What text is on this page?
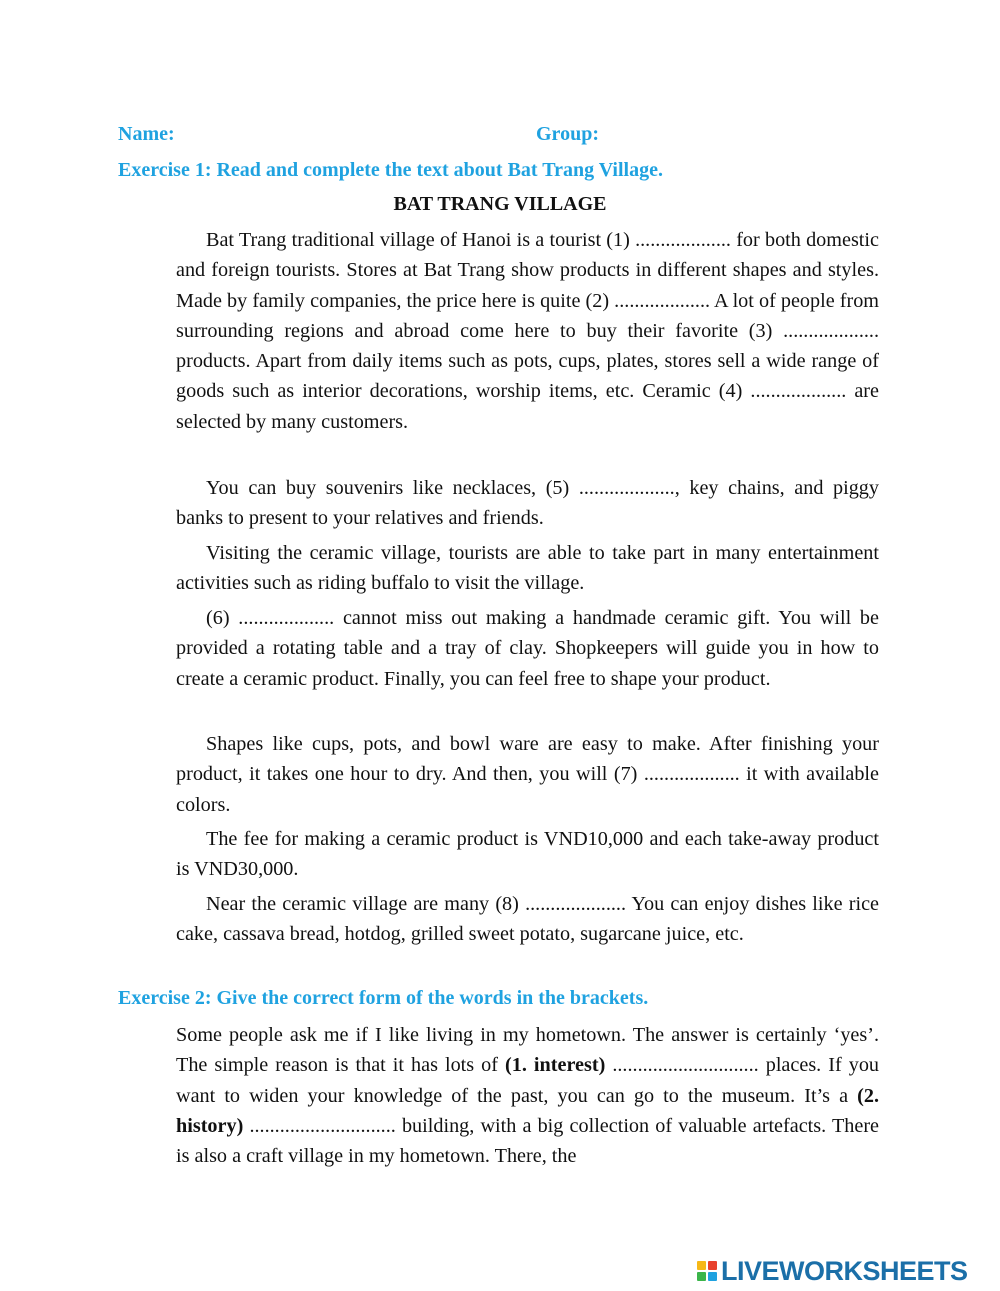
Name:	Group:
Exercise 1: Read and complete the text about Bat Trang Village.
BAT TRANG VILLAGE

Bat Trang traditional village of Hanoi is a tourist (1) ................... for both domestic and foreign tourists. Stores at Bat Trang show products in different shapes and styles. Made by family companies, the price here is quite (2) ................... A lot of people from surrounding regions and abroad come here to buy their favorite (3) ................... products. Apart from daily items such as pots, cups, plates, stores sell a wide range of goods such as interior decorations, worship items, etc. Ceramic (4) ................... are selected by many customers.

You can buy souvenirs like necklaces, (5) ..................., key chains, and piggy banks to present to your relatives and friends.

Visiting the ceramic village, tourists are able to take part in many entertainment activities such as riding buffalo to visit the village.

(6) ................... cannot miss out making a handmade ceramic gift. You will be provided a rotating table and a tray of clay. Shopkeepers will guide you in how to create a ceramic product. Finally, you can feel free to shape your product.

Shapes like cups, pots, and bowl ware are easy to make. After finishing your product, it takes one hour to dry. And then, you will (7) ................... it with available colors.

The fee for making a ceramic product is VND10,000 and each take-away product is VND30,000.

Near the ceramic village are many (8) .................... You can enjoy dishes like rice cake, cassava bread, hotdog, grilled sweet potato, sugarcane juice, etc.

Exercise 2: Give the correct form of the words in the brackets.

Some people ask me if I like living in my hometown. The answer is certainly ‘yes’. The simple reason is that it has lots of (1. interest) ............................. places. If you want to widen your knowledge of the past, you can go to the museum. It’s a (2. history) ............................. building, with a big collection of valuable artefacts. There is also a craft village in my hometown. There, the

LIVEWORKSHEETS
